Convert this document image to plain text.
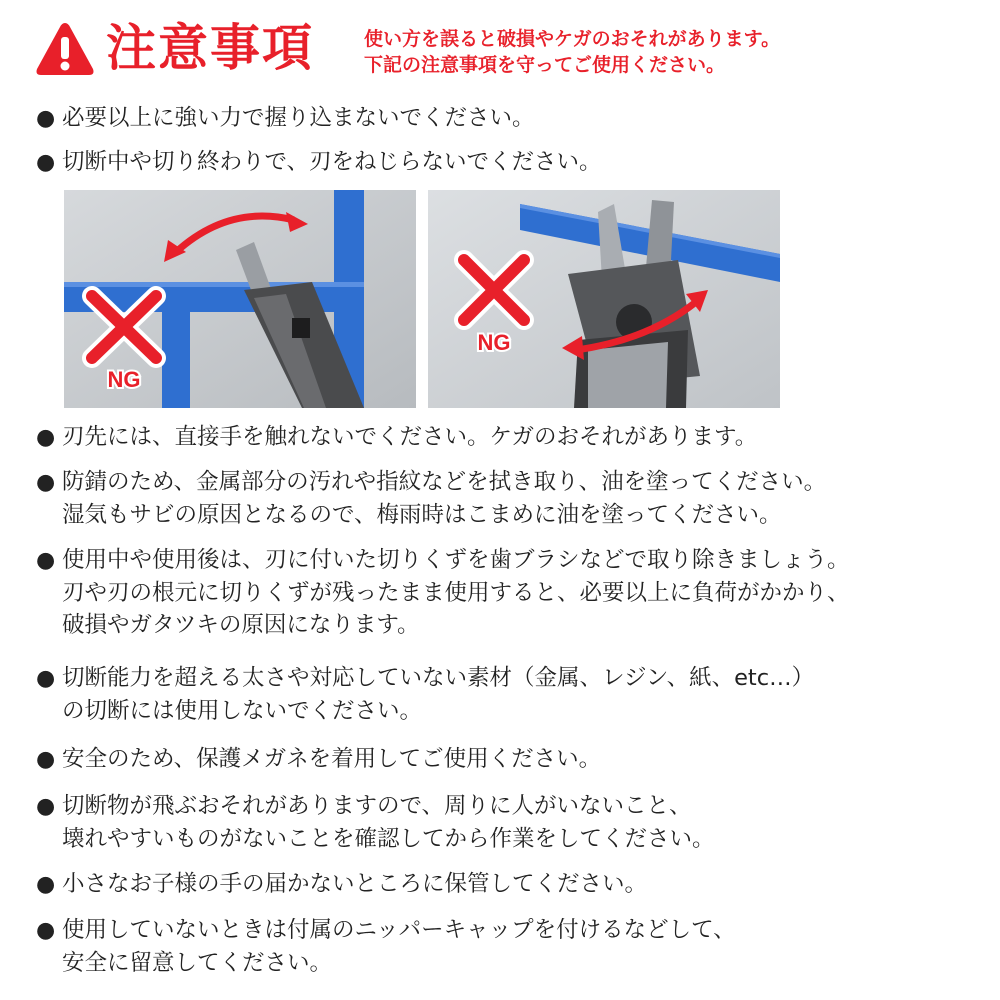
注意事項	使い方を誤ると破損やケガのおそれがあります。
下記の注意事項を守ってご使用ください。
● 必要以上に強い力で握り込まないでください。
● 切断中や切り終わりで、刃をねじらないでください。
NG
NG
● 刃先には、直接手を触れないでください。ケガのおそれがあります。
● 防錆のため、金属部分の汚れや指紋などを拭き取り、油を塗ってください。
湿気もサビの原因となるので、梅雨時はこまめに油を塗ってください。
● 使用中や使用後は、刃に付いた切りくずを歯ブラシなどで取り除きましょう。
刃や刃の根元に切りくずが残ったまま使用すると、必要以上に負荷がかかり、
破損やガタツキの原因になります。
● 切断能力を超える太さや対応していない素材（金属、レジン、紙、etc…）
の切断には使用しないでください。
● 安全のため、保護メガネを着用してご使用ください。
● 切断物が飛ぶおそれがありますので、周りに人がいないこと、
壊れやすいものがないことを確認してから作業をしてください。
● 小さなお子様の手の届かないところに保管してください。
● 使用していないときは付属のニッパーキャップを付けるなどして、
安全に留意してください。
